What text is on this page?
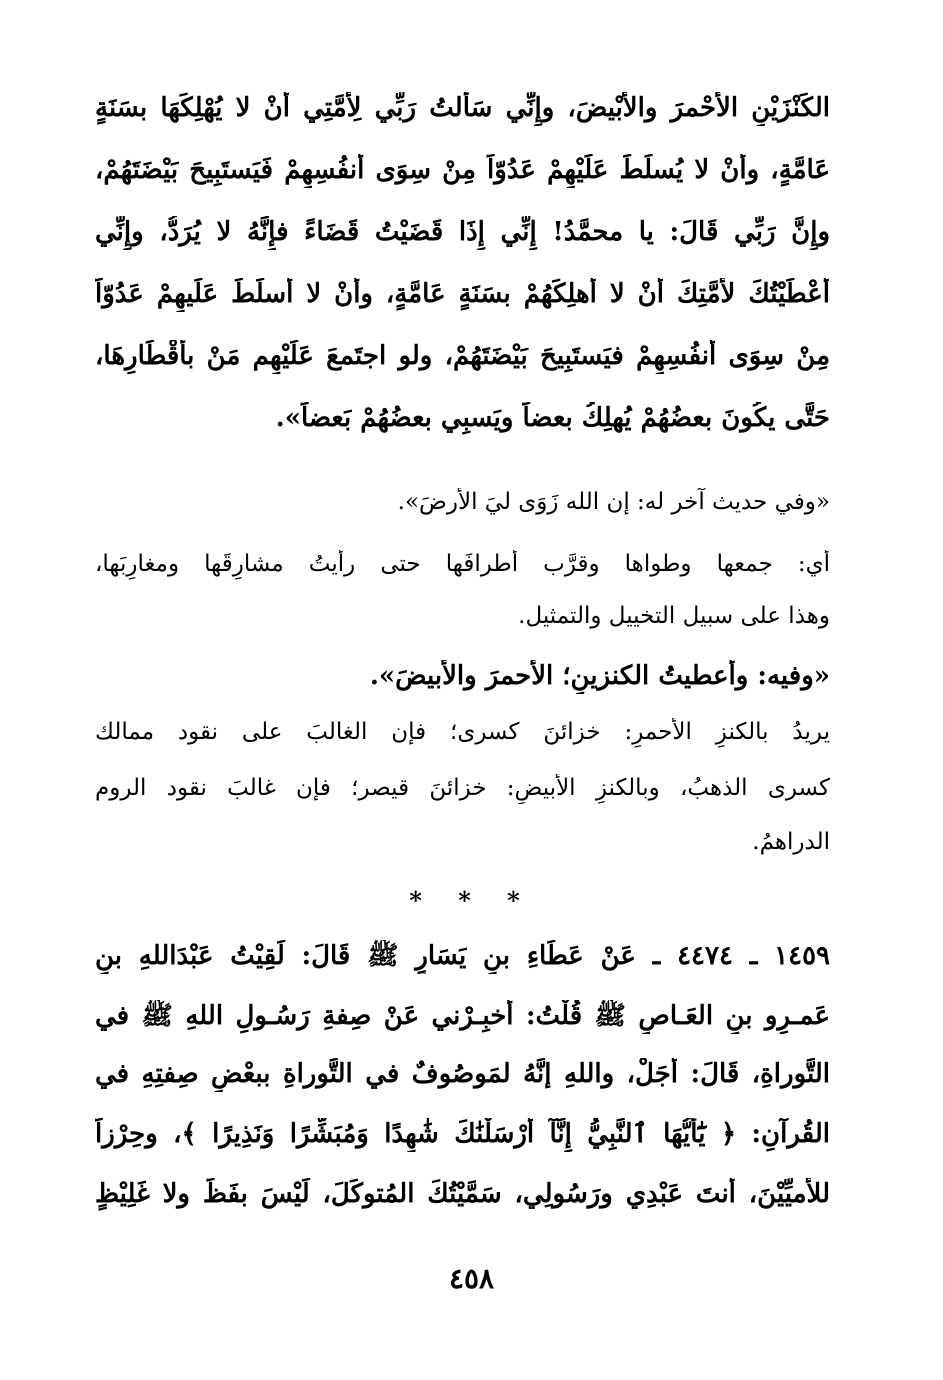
الكَنْزَيْنِ الأَحْمرَ والأَبْيضَ، وإِنِّي سَأَلتُ رَبِّي لِأُمَّتِي أَنْ لا يُهْلِكَهَا بسَنَةٍ
عَامَّةٍ، وأَنْ لا يُسلِّطَ عَلَيْهِمْ عَدُوّاً مِنْ سِوَى أنفُسِهِمْ فَيَستَبِيحَ بَيْضَتَهُمْ،
وإِنَّ رَبِّي قَالَ: يا محمَّدُ! إِنِّي إِذَا قَضَيْتُ قَضَاءً فإِنَّهُ لا يُرَدُّ، وإِنِّي
أَعْطَيْتُكَ لأُمَّتِكَ أَنْ لا أُهلِكَهُمْ بسَنَةٍ عَامَّةٍ، وأَنْ لا أُسلِّطَ عَلَيهِمْ عَدُوّاً
مِنْ سِوَى أنفُسِهِمْ فيَستَبِيحَ بَيْضَتَهُمْ، ولو اجتَمعَ عَلَيْهِم مَنْ بأَقْطَارِهَا،
حَتَّى يكُونَ بعضُهُمْ يُهلِكُ بعضاً ويَسبِي بعضُهُمْ بَعضاً».
«وفي حديث آخر له: إن الله زَوَى ليَ الأرضَ».
أي: جمعها وطواها وقرَّب أطرافَها حتى رأيتُ مشارِقَها ومغارِبَها،
وهذا على سبيل التخييل والتمثيل.
«وفيه: وأُعطيتُ الكنزينِ؛ الأحمرَ والأبيضَ».
يريدُ بالكنزِ الأحمرِ: خزائنَ كسرى؛ فإن الغالبَ على نقود ممالك
كسرى الذهبُ، وبالكنزِ الأبيضِ: خزائنَ قيصر؛ فإن غالبَ نقود الروم
الدراهمُ.
* * *
١٤٥٩ ـ ٤٤٧٤ ـ عَنْ عَطَاءِ بنِ يَسَارٍ ﷺ قَالَ: لَقِيْتُ عَبْدَاللهِ بنِ
عَمـرِو بنِ العَـاصِ ﷺ قُلْتُ: أخبِـرْني عَنْ صِفةِ رَسُـولِ اللهِ ﷺ في
التَّوراةِ، قَالَ: أجَلْ، واللهِ إنَّهُ لمَوصُوفٌ في التَّوراةِ ببعْضِ صِفتِهِ في
القُرآنِ: ﴿ يَٰٓأَيُّهَا ٱلنَّبِيُّ إِنَّآ أَرْسَلْنَٰكَ شَٰهِدًا وَمُبَشِّرًا وَنَذِيرًا ﴾، وحِرْزاً
للأُميِّيْنَ، أَنتَ عَبْدِي ورَسُولِي، سَمَّيْتُكَ المُتوكِّلَ، لَيْسَ بفَظٍّ ولا غَلِيْظٍ
٤٥٨
